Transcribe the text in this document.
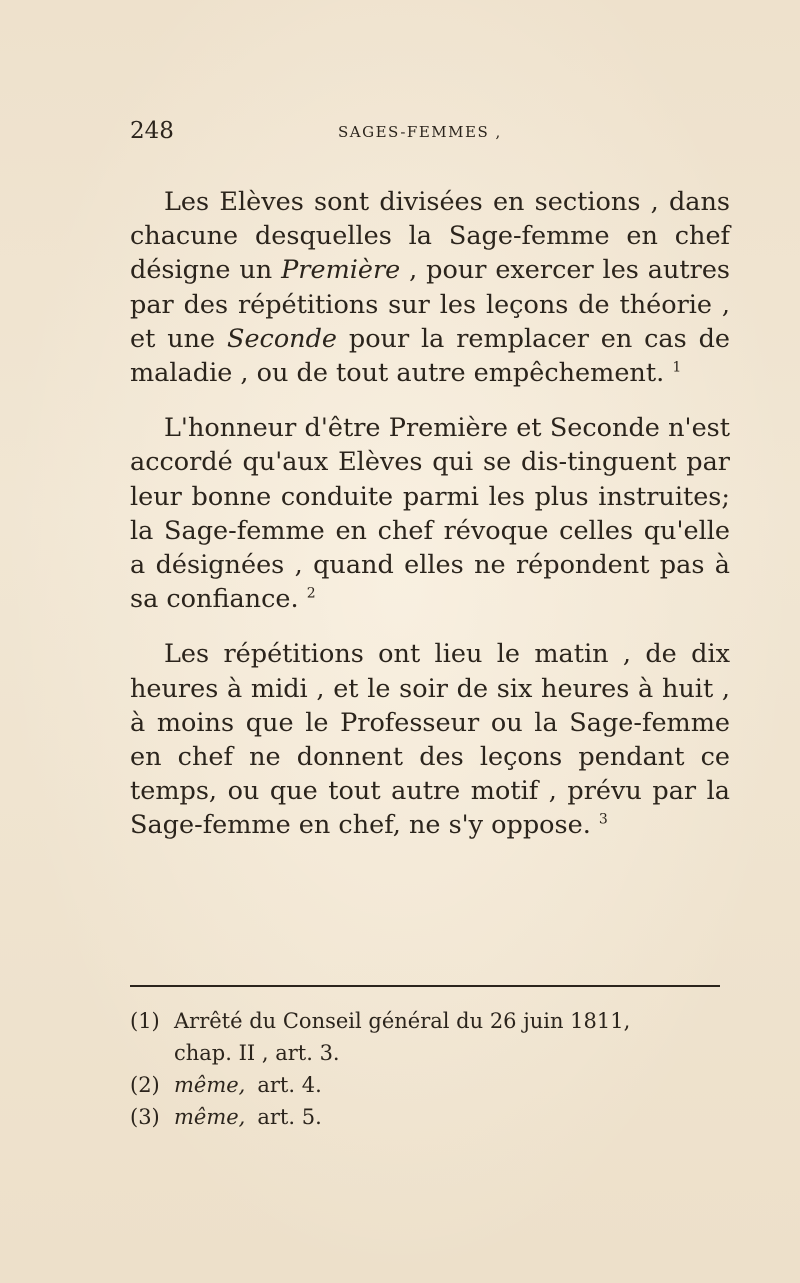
248	SAGES-FEMMES ,

Les Elèves sont divisées en sections , dans chacune desquelles la Sage-femme en chef désigne un Première , pour exercer les autres par des répétitions sur les leçons de théorie , et une Seconde pour la remplacer en cas de maladie , ou de tout autre empêchement. $^1$

L'honneur d'être Première et Seconde n'est accordé qu'aux Elèves qui se dis-tinguent par leur bonne conduite parmi les plus instruites; la Sage-femme en chef révoque celles qu'elle a désignées , quand elles ne répondent pas à sa confiance. $^2$

Les répétitions ont lieu le matin , de dix heures à midi , et le soir de six heures à huit , à moins que le Professeur ou la Sage-femme en chef ne donnent des leçons pendant ce temps, ou que tout autre motif , prévu par la Sage-femme en chef, ne s'y oppose. $^3$

(1) Arrêté du Conseil général du 26 juin 1811,
chap. II , art. 3.
(2) même, art. 4.
(3) même, art. 5.
